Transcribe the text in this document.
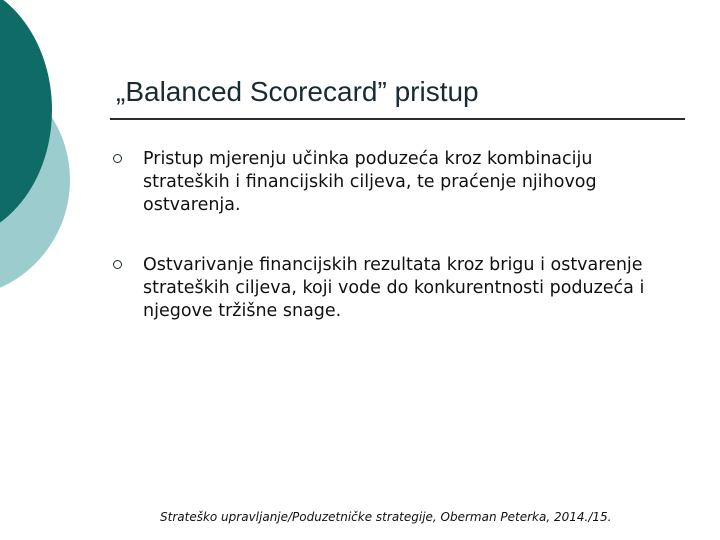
„Balanced Scorecard” pristup
Pristup mjerenju učinka poduzeća kroz kombinaciju strateških i financijskih ciljeva, te praćenje njihovog ostvarenja.
Ostvarivanje financijskih rezultata kroz brigu i ostvarenje strateških ciljeva, koji vode do konkurentnosti poduzeća i njegove tržišne snage.
Strateško upravljanje/Poduzetničke strategije, Oberman Peterka, 2014./15.
